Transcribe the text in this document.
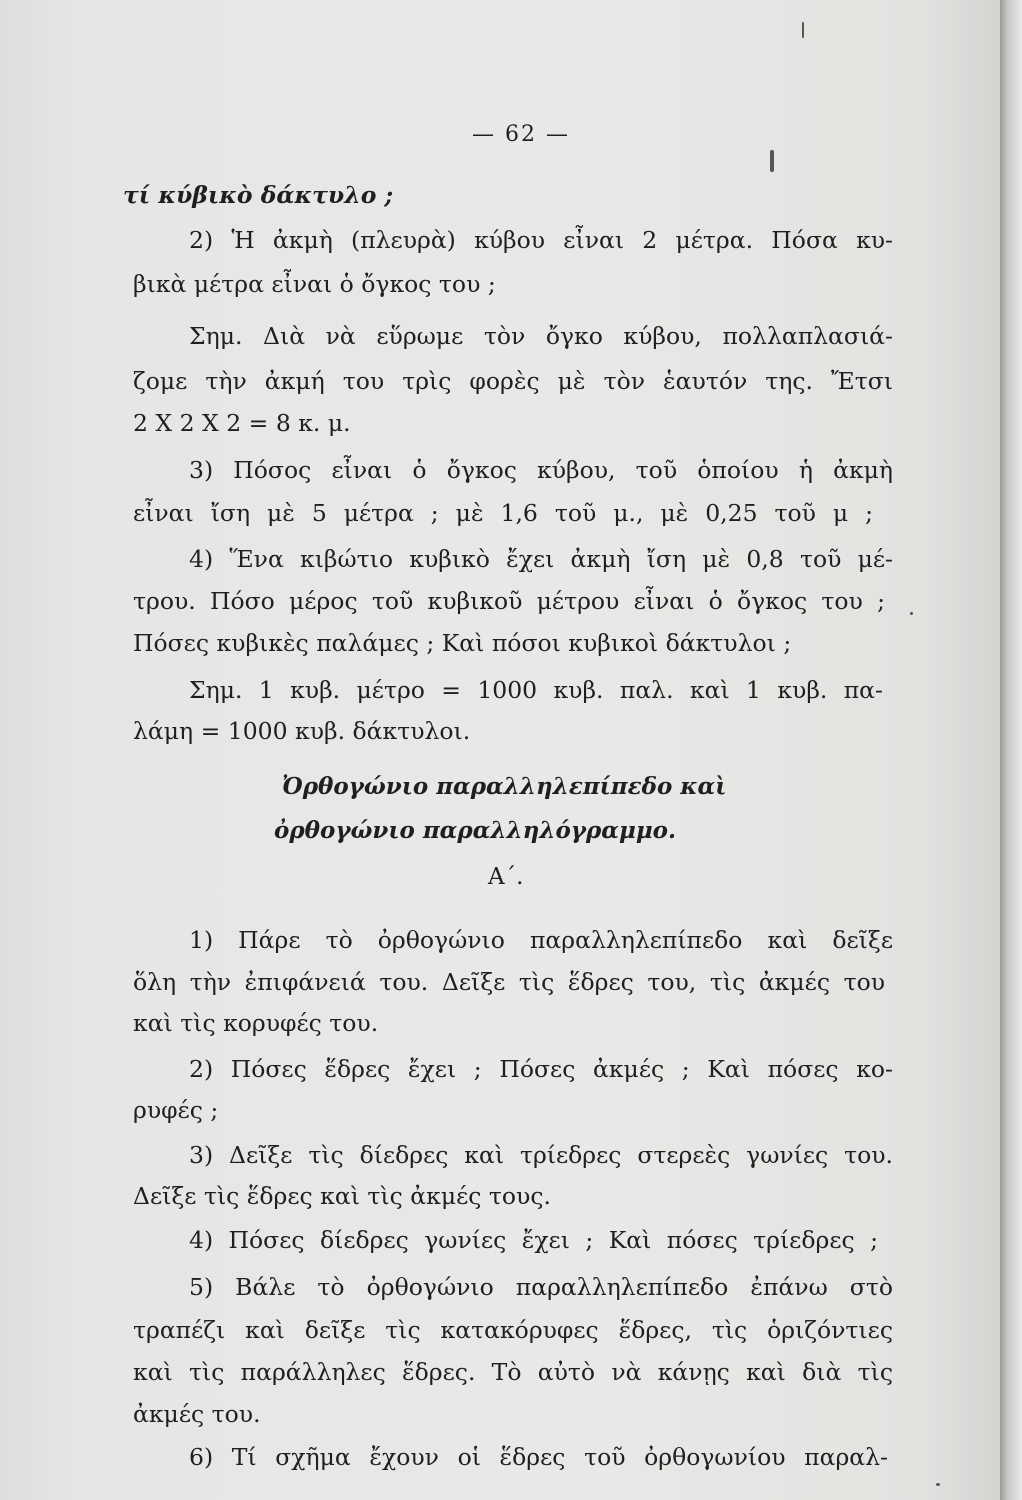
— 62 —
τί κύβικὸ δάκτυλο ;
2) Ἡ ἀκμὴ (πλευρὰ) κύβου εἶναι 2 μέτρα. Πόσα κυ-
βικὰ μέτρα εἶναι ὁ ὄγκος του ;
Σημ. Διὰ νὰ εὕρωμε τὸν ὄγκο κύβου, πολλαπλασιά-
ζομε τὴν ἀκμή του τρὶς φορὲς μὲ τὸν ἑαυτόν της. Ἔτσι
2 X 2 X 2 = 8 κ. μ.
3) Πόσος εἶναι ὁ ὄγκος κύβου, τοῦ ὁποίου ἡ ἀκμὴ
εἶναι ἴση μὲ 5 μέτρα ; μὲ 1,6 τοῦ μ., μὲ 0,25 τοῦ μ ;
4) Ἕνα κιβώτιο κυβικὸ ἔχει ἀκμὴ ἴση μὲ 0,8 τοῦ μέ-
τρου. Πόσο μέρος τοῦ κυβικοῦ μέτρου εἶναι ὁ ὄγκος του ;
Πόσες κυβικὲς παλάμες ; Καὶ πόσοι κυβικοὶ δάκτυλοι ;
Σημ. 1 κυβ. μέτρο = 1000 κυβ. παλ. καὶ 1 κυβ. πα-
λάμη = 1000 κυβ. δάκτυλοι.
Ὀρθογώνιο παραλληλεπίπεδο καὶ
ὀρθογώνιο παραλληλόγραμμο.
Α΄.
1) Πάρε τὸ ὀρθογώνιο παραλληλεπίπεδο καὶ δεῖξε
ὅλη τὴν ἐπιφάνειά του. Δεῖξε τὶς ἕδρες του, τὶς ἀκμές του
καὶ τὶς κορυφές του.
2) Πόσες ἕδρες ἔχει ; Πόσες ἀκμές ; Καὶ πόσες κο-
ρυφές ;
3) Δεῖξε τὶς δίεδρες καὶ τρίεδρες στερεὲς γωνίες του.
Δεῖξε τὶς ἕδρες καὶ τὶς ἀκμές τους.
4) Πόσες δίεδρες γωνίες ἔχει ; Καὶ πόσες τρίεδρες ;
5) Βάλε τὸ ὀρθογώνιο παραλληλεπίπεδο ἐπάνω στὸ
τραπέζι καὶ δεῖξε τὶς κατακόρυφες ἕδρες, τὶς ὁριζόντιες
καὶ τὶς παράλληλες ἕδρες. Τὸ αὐτὸ νὰ κάνῃς καὶ διὰ τὶς
ἀκμές του.
6) Τί σχῆμα ἔχουν οἱ ἕδρες τοῦ ὀρθογωνίου παραλ-
